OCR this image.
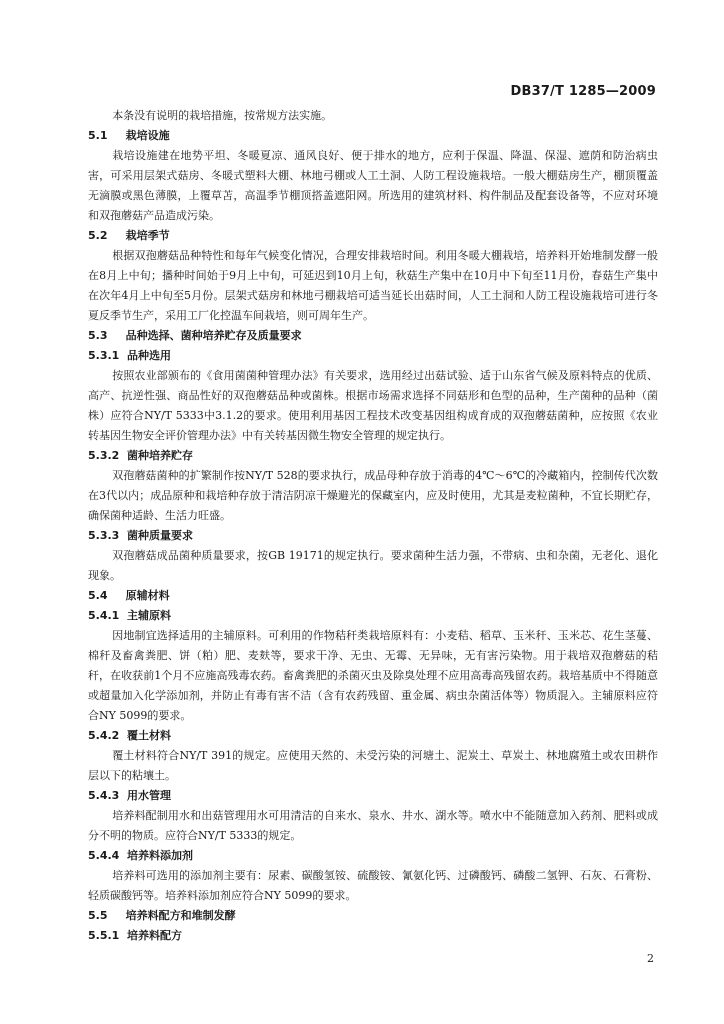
DB37/T 1285—2009
本条没有说明的栽培措施，按常规方法实施。
5.1 栽培设施
栽培设施建在地势平坦、冬暖夏凉、通风良好、便于排水的地方，应利于保温、降温、保湿、遮荫和防治病虫害，可采用层架式菇房、冬暖式塑料大棚、林地弓棚或人工土洞、人防工程设施栽培。一般大棚菇房生产，棚顶覆盖无滴膜或黑色薄膜，上覆草苫，高温季节棚顶搭盖遮阳网。所选用的建筑材料、构件制品及配套设备等，不应对环境和双孢蘑菇产品造成污染。
5.2 栽培季节
根据双孢蘑菇品种特性和每年气候变化情况，合理安排栽培时间。利用冬暖大棚栽培，培养料开始堆制发酵一般在8月上中旬；播种时间始于9月上中旬，可延迟到10月上旬，秋菇生产集中在10月中下旬至11月份，春菇生产集中在次年4月上中旬至5月份。层架式菇房和林地弓棚栽培可适当延长出菇时间，人工土洞和人防工程设施栽培可进行冬夏反季节生产，采用工厂化控温车间栽培，则可周年生产。
5.3 品种选择、菌种培养贮存及质量要求
5.3.1 品种选用
按照农业部颁布的《食用菌菌种管理办法》有关要求，选用经过出菇试验、适于山东省气候及原料特点的优质、高产、抗逆性强、商品性好的双孢蘑菇品种或菌株。根据市场需求选择不同菇形和色型的品种，生产菌种的品种（菌株）应符合NY/T 5333中3.1.2的要求。使用利用基因工程技术改变基因组构成育成的双孢蘑菇菌种，应按照《农业转基因生物安全评价管理办法》中有关转基因微生物安全管理的规定执行。
5.3.2 菌种培养贮存
双孢蘑菇菌种的扩繁制作按NY/T 528的要求执行，成品母种存放于消毒的4℃～6℃的冷藏箱内，控制传代次数在3代以内；成品原种和栽培种存放于清洁阴凉干燥避光的保藏室内，应及时使用，尤其是麦粒菌种，不宜长期贮存，确保菌种适龄、生活力旺盛。
5.3.3 菌种质量要求
双孢蘑菇成品菌种质量要求，按GB 19171的规定执行。要求菌种生活力强，不带病、虫和杂菌，无老化、退化现象。
5.4 原辅材料
5.4.1 主辅原料
因地制宜选择适用的主辅原料。可利用的作物秸秆类栽培原料有：小麦秸、稻草、玉米秆、玉米芯、花生茎蔓、棉秆及畜禽粪肥、饼（粕）肥、麦麸等，要求干净、无虫、无霉、无异味，无有害污染物。用于栽培双孢蘑菇的秸秆，在收获前1个月不应施高残毒农药。畜禽粪肥的杀菌灭虫及除臭处理不应用高毒高残留农药。栽培基质中不得随意或超量加入化学添加剂，并防止有毒有害不洁（含有农药残留、重金属、病虫杂菌活体等）物质混入。主辅原料应符合NY 5099的要求。
5.4.2 覆土材料
覆土材料符合NY/T 391的规定。应使用天然的、未受污染的河塘土、泥炭土、草炭土、林地腐殖土或农田耕作层以下的粘壤土。
5.4.3 用水管理
培养料配制用水和出菇管理用水可用清洁的自来水、泉水、井水、湖水等。喷水中不能随意加入药剂、肥料或成分不明的物质。应符合NY/T 5333的规定。
5.4.4 培养料添加剂
培养料可选用的添加剂主要有：尿素、碳酸氢铵、硫酸铵、氰氨化钙、过磷酸钙、磷酸二氢钾、石灰、石膏粉、轻质碳酸钙等。培养料添加剂应符合NY 5099的要求。
5.5 培养料配方和堆制发酵
5.5.1 培养料配方
2
